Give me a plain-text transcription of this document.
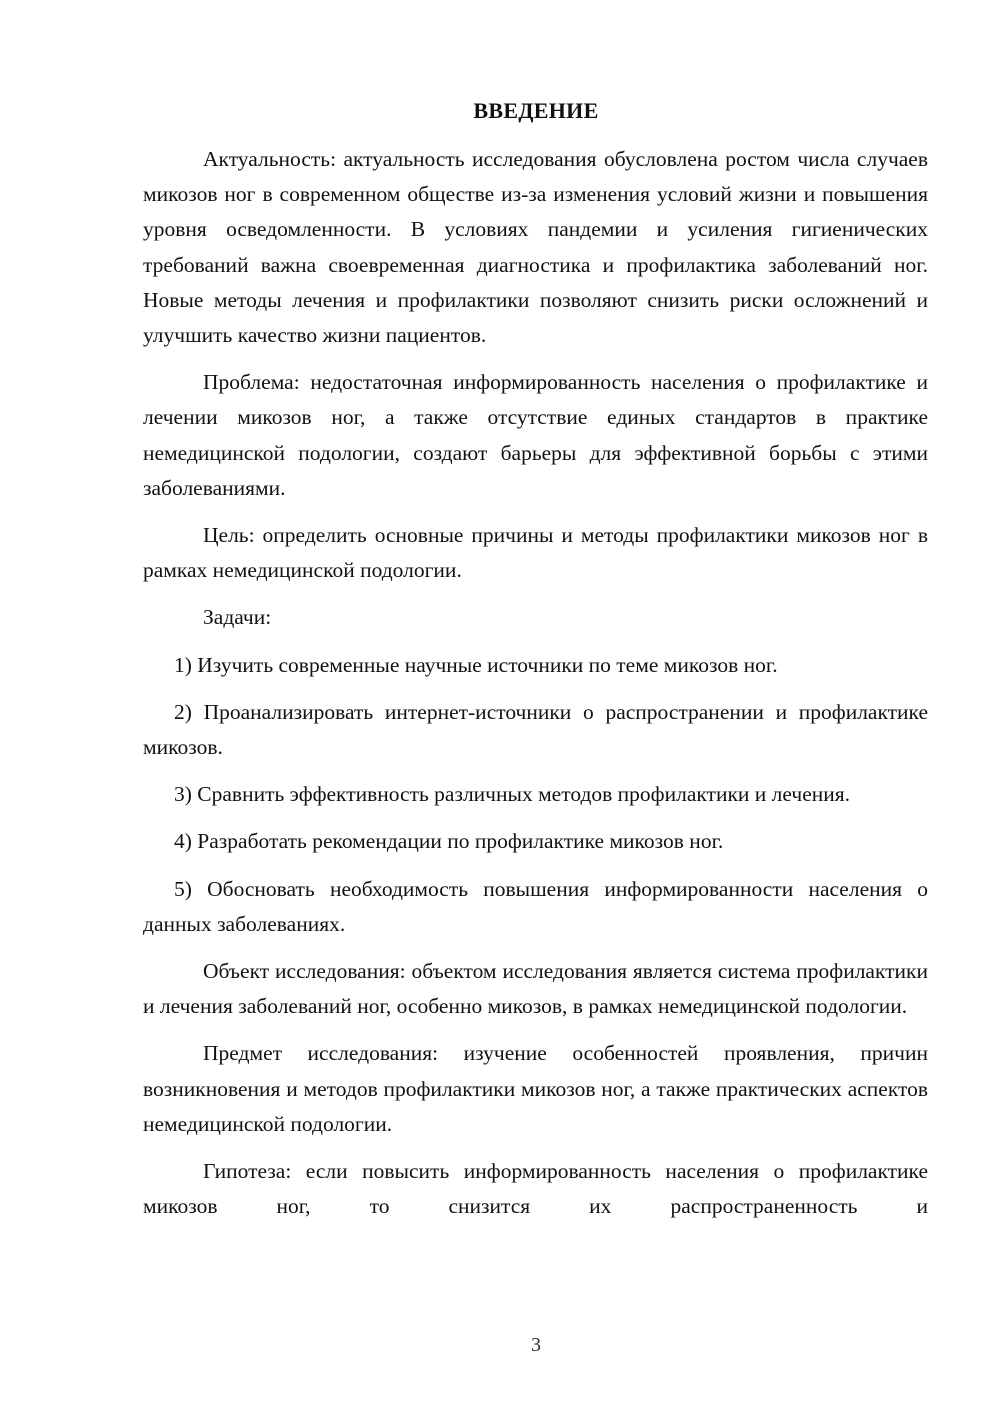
ВВЕДЕНИЕ

Актуальность: актуальность исследования обусловлена ростом числа случаев микозов ног в современном обществе из-за изменения условий жизни и повышения уровня осведомленности. В условиях пандемии и усиления гигиенических требований важна своевременная диагностика и профилактика заболеваний ног. Новые методы лечения и профилактики позволяют снизить риски осложнений и улучшить качество жизни пациентов.

Проблема: недостаточная информированность населения о профилактике и лечении микозов ног, а также отсутствие единых стандартов в практике немедицинской подологии, создают барьеры для эффективной борьбы с этими заболеваниями.

Цель: определить основные причины и методы профилактики микозов ног в рамках немедицинской подологии.

Задачи:

1) Изучить современные научные источники по теме микозов ног.

2) Проанализировать интернет-источники о распространении и профилактике микозов.

3) Сравнить эффективность различных методов профилактики и лечения.

4) Разработать рекомендации по профилактике микозов ног.

5) Обосновать необходимость повышения информированности населения о данных заболеваниях.

Объект исследования: объектом исследования является система профилактики и лечения заболеваний ног, особенно микозов, в рамках немедицинской подологии.

Предмет исследования: изучение особенностей проявления, причин возникновения и методов профилактики микозов ног, а также практических аспектов немедицинской подологии.

Гипотеза: если повысить информированность населения о профилактике микозов ног, то снизится их распространенность и

3
